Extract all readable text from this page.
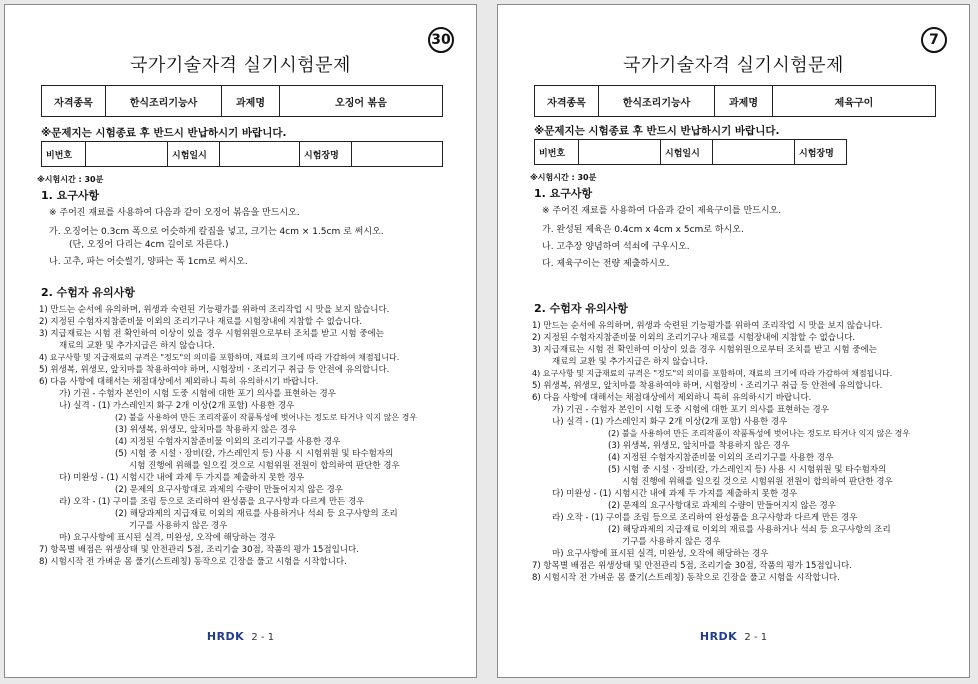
국가기술자격 실기시험문제
30
자격종목	한식조리기능사	과제명	오징어 볶음
※문제지는 시험종료 후 반드시 반납하시기 바랍니다.
비번호		시험일시		시험장명	
※시험시간 : 30분
1. 요구사항
※ 주어진 재료를 사용하여 다음과 같이 오징어 볶음을 만드시오.
가. 오징어는 0.3cm 폭으로 어슷하게 칼집을 넣고, 크기는 4cm × 1.5cm 로 써시오.
(단, 오징어 다리는 4cm 길이로 자른다.)
나. 고추, 파는 어슷썰기, 양파는 폭 1cm로 써시오.
2. 수험자 유의사항
1) 만드는 순서에 유의하며, 위생과 숙련된 기능평가를 위하여 조리작업 시 맛을 보지 않습니다.
2) 지정된 수험자지참준비물 이외의 조리기구나 재료를 시험장내에 지참할 수 없습니다.
3) 지급재료는 시험 전 확인하여 이상이 있을 경우 시험위원으로부터 조치를 받고 시험 중에는
재료의 교환 및 추가지급은 하지 않습니다.
4) 요구사항 및 지급재료의 규격은 "정도"의 의미를 포함하며, 재료의 크기에 따라 가감하여 채점됩니다.
5) 위생복, 위생모, 앞치마를 착용하여야 하며, 시험장비ㆍ조리기구 취급 등 안전에 유의합니다.
6) 다음 사항에 대해서는 채점대상에서 제외하니 특히 유의하시기 바랍니다.
가) 기권 - 수험자 본인이 시험 도중 시험에 대한 포기 의사를 표현하는 경우
나) 실격 - (1) 가스레인지 화구 2개 이상(2개 포함) 사용한 경우
(2) 불을 사용하여 만든 조리작품이 작품특성에 벗어나는 정도로 타거나 익지 않은 경우
(3) 위생복, 위생모, 앞치마를 착용하지 않은 경우
(4) 지정된 수험자지참준비물 이외의 조리기구를 사용한 경우
(5) 시험 중 시설ㆍ장비(칼, 가스레인지 등) 사용 시 시험위원 및 타수험자의
시험 진행에 위해를 일으킬 것으로 시험위원 전원이 합의하여 판단한 경우
다) 미완성 - (1) 시험시간 내에 과제 두 가지를 제출하지 못한 경우
(2) 문제의 요구사항대로 과제의 수량이 만들어지지 않은 경우
라) 오작 - (1) 구이를 조림 등으로 조리하여 완성품을 요구사항과 다르게 만든 경우
(2) 해당과제의 지급재료 이외의 재료를 사용하거나 석쇠 등 요구사항의 조리
기구를 사용하지 않은 경우
마) 요구사항에 표시된 실격, 미완성, 오작에 해당하는 경우
7) 항목별 배점은 위생상태 및 안전관리 5점, 조리기술 30점, 작품의 평가 15점입니다.
8) 시험시작 전 가벼운 몸 풀기(스트레칭) 동작으로 긴장을 풀고 시험을 시작합니다.
HRDK 2 - 1
국가기술자격 실기시험문제
7
자격종목	한식조리기능사	과제명	제육구이
※문제지는 시험종료 후 반드시 반납하시기 바랍니다.
비번호		시험일시		시험장명
※시험시간 : 30분
1. 요구사항
※ 주어진 재료를 사용하여 다음과 같이 제육구이를 만드시오.
가. 완성된 제육은 0.4cm x 4cm x 5cm로 하시오.
나. 고추장 양념하여 석쇠에 구우시오.
다. 제육구이는 전량 제출하시오.
2. 수험자 유의사항
1) 만드는 순서에 유의하며, 위생과 숙련된 기능평가를 위하여 조리작업 시 맛을 보지 않습니다.
2) 지정된 수험자지참준비물 이외의 조리기구나 재료를 시험장내에 지참할 수 없습니다.
3) 지급재료는 시험 전 확인하여 이상이 있을 경우 시험위원으로부터 조치를 받고 시험 중에는
재료의 교환 및 추가지급은 하지 않습니다.
4) 요구사항 및 지급재료의 규격은 "정도"의 의미를 포함하며, 재료의 크기에 따라 가감하여 채점됩니다.
5) 위생복, 위생모, 앞치마를 착용하여야 하며, 시험장비ㆍ조리기구 취급 등 안전에 유의합니다.
6) 다음 사항에 대해서는 채점대상에서 제외하니 특히 유의하시기 바랍니다.
가) 기권 - 수험자 본인이 시험 도중 시험에 대한 포기 의사를 표현하는 경우
나) 실격 - (1) 가스레인지 화구 2개 이상(2개 포함) 사용한 경우
(2) 불을 사용하여 만든 조리작품이 작품특성에 벗어나는 정도로 타거나 익지 않은 경우
(3) 위생복, 위생모, 앞치마를 착용하지 않은 경우
(4) 지정된 수험자지참준비물 이외의 조리기구를 사용한 경우
(5) 시험 중 시설ㆍ장비(칼, 가스레인지 등) 사용 시 시험위원 및 타수험자의
시험 진행에 위해를 일으킬 것으로 시험위원 전원이 합의하여 판단한 경우
다) 미완성 - (1) 시험시간 내에 과제 두 가지를 제출하지 못한 경우
(2) 문제의 요구사항대로 과제의 수량이 만들어지지 않은 경우
라) 오작 - (1) 구이를 조림 등으로 조리하여 완성품을 요구사항과 다르게 만든 경우
(2) 해당과제의 지급재료 이외의 재료를 사용하거나 석쇠 등 요구사항의 조리
기구를 사용하지 않은 경우
마) 요구사항에 표시된 실격, 미완성, 오작에 해당하는 경우
7) 항목별 배점은 위생상태 및 안전관리 5점, 조리기술 30점, 작품의 평가 15점입니다.
8) 시험시작 전 가벼운 몸 풀기(스트레칭) 동작으로 긴장을 풀고 시험을 시작합니다.
HRDK 2 - 1
